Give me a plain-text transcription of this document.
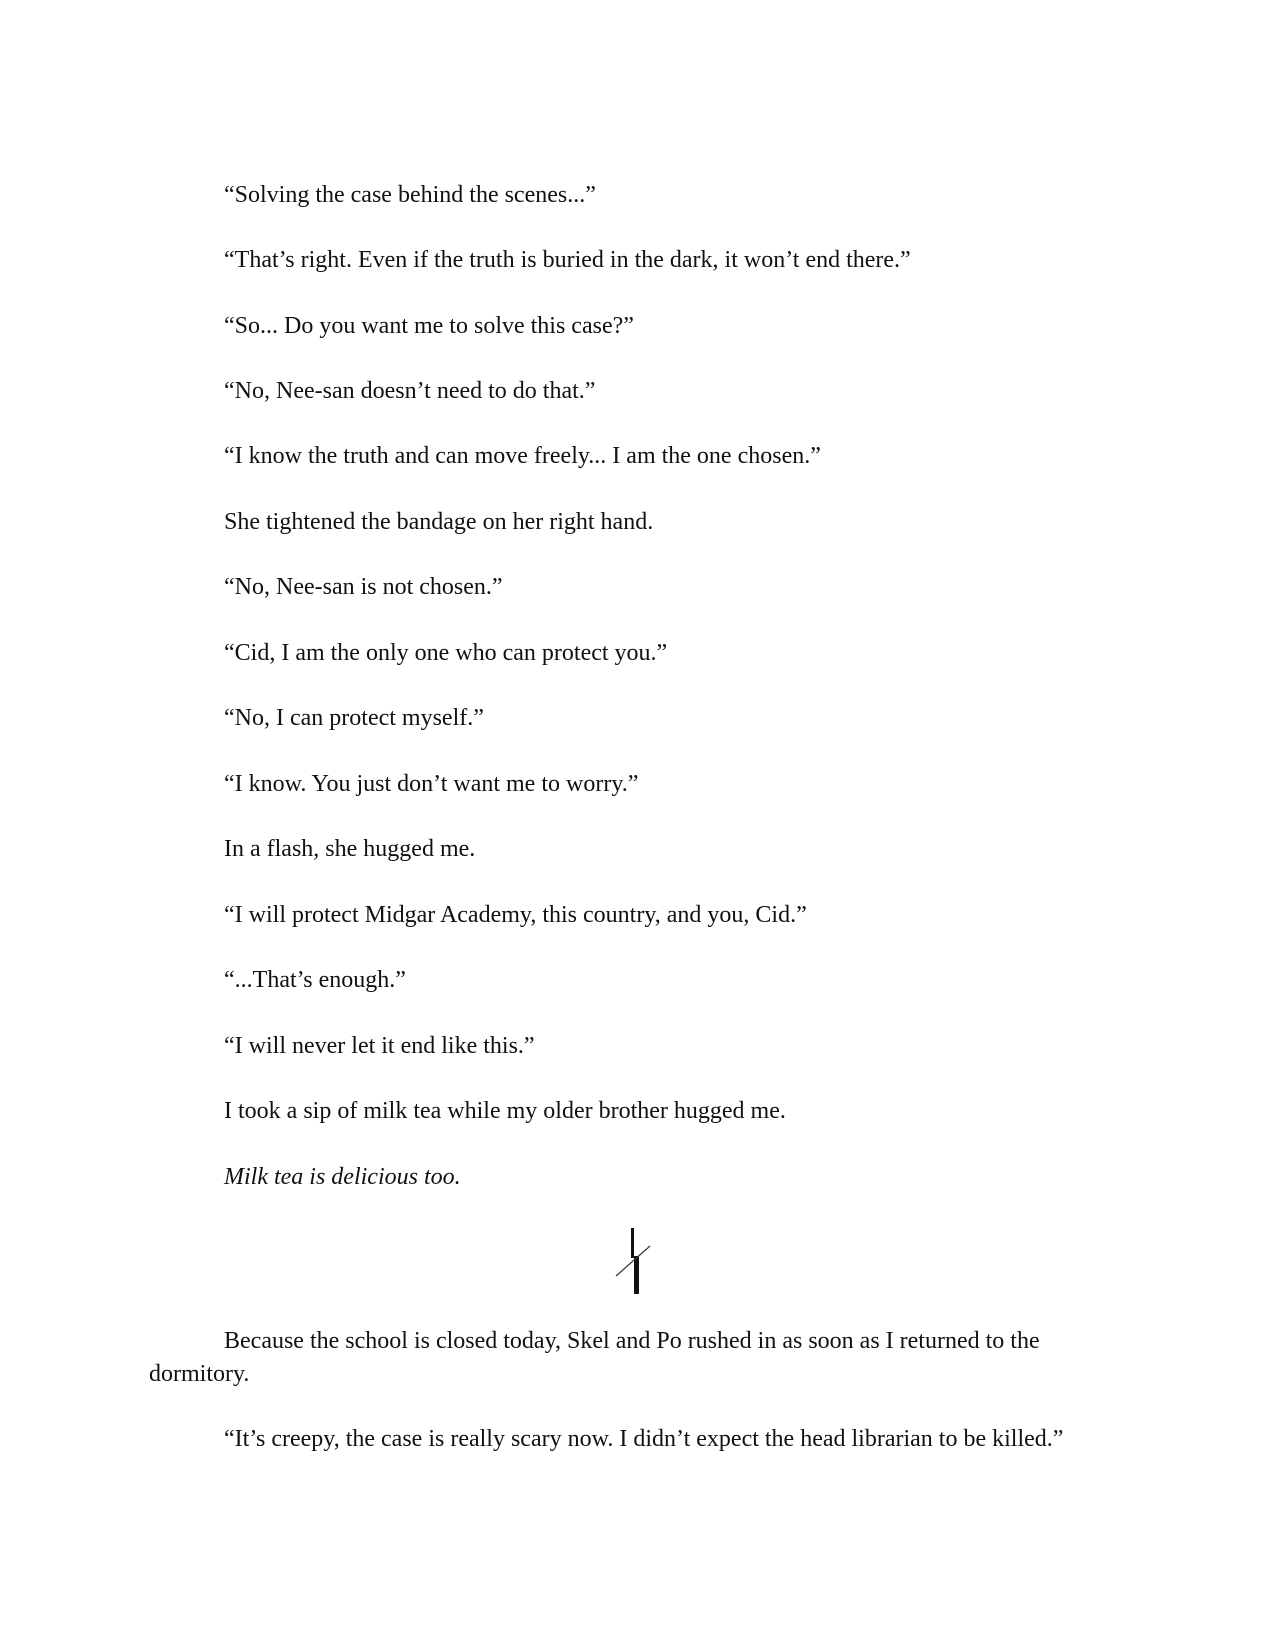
“Solving the case behind the scenes...”

“That’s right. Even if the truth is buried in the dark, it won’t end there.”

“So... Do you want me to solve this case?”

“No, Nee-san doesn’t need to do that.”

“I know the truth and can move freely... I am the one chosen.”

She tightened the bandage on her right hand.

“No, Nee-san is not chosen.”

“Cid, I am the only one who can protect you.”

“No, I can protect myself.”

“I know. You just don’t want me to worry.”

In a flash, she hugged me.

“I will protect Midgar Academy, this country, and you, Cid.”

“...That’s enough.”

“I will never let it end like this.”

I took a sip of milk tea while my older brother hugged me.

Milk tea is delicious too.

Because the school is closed today, Skel and Po rushed in as soon as I returned to the dormitory.

“It’s creepy, the case is really scary now. I didn’t expect the head librarian to be killed.”
